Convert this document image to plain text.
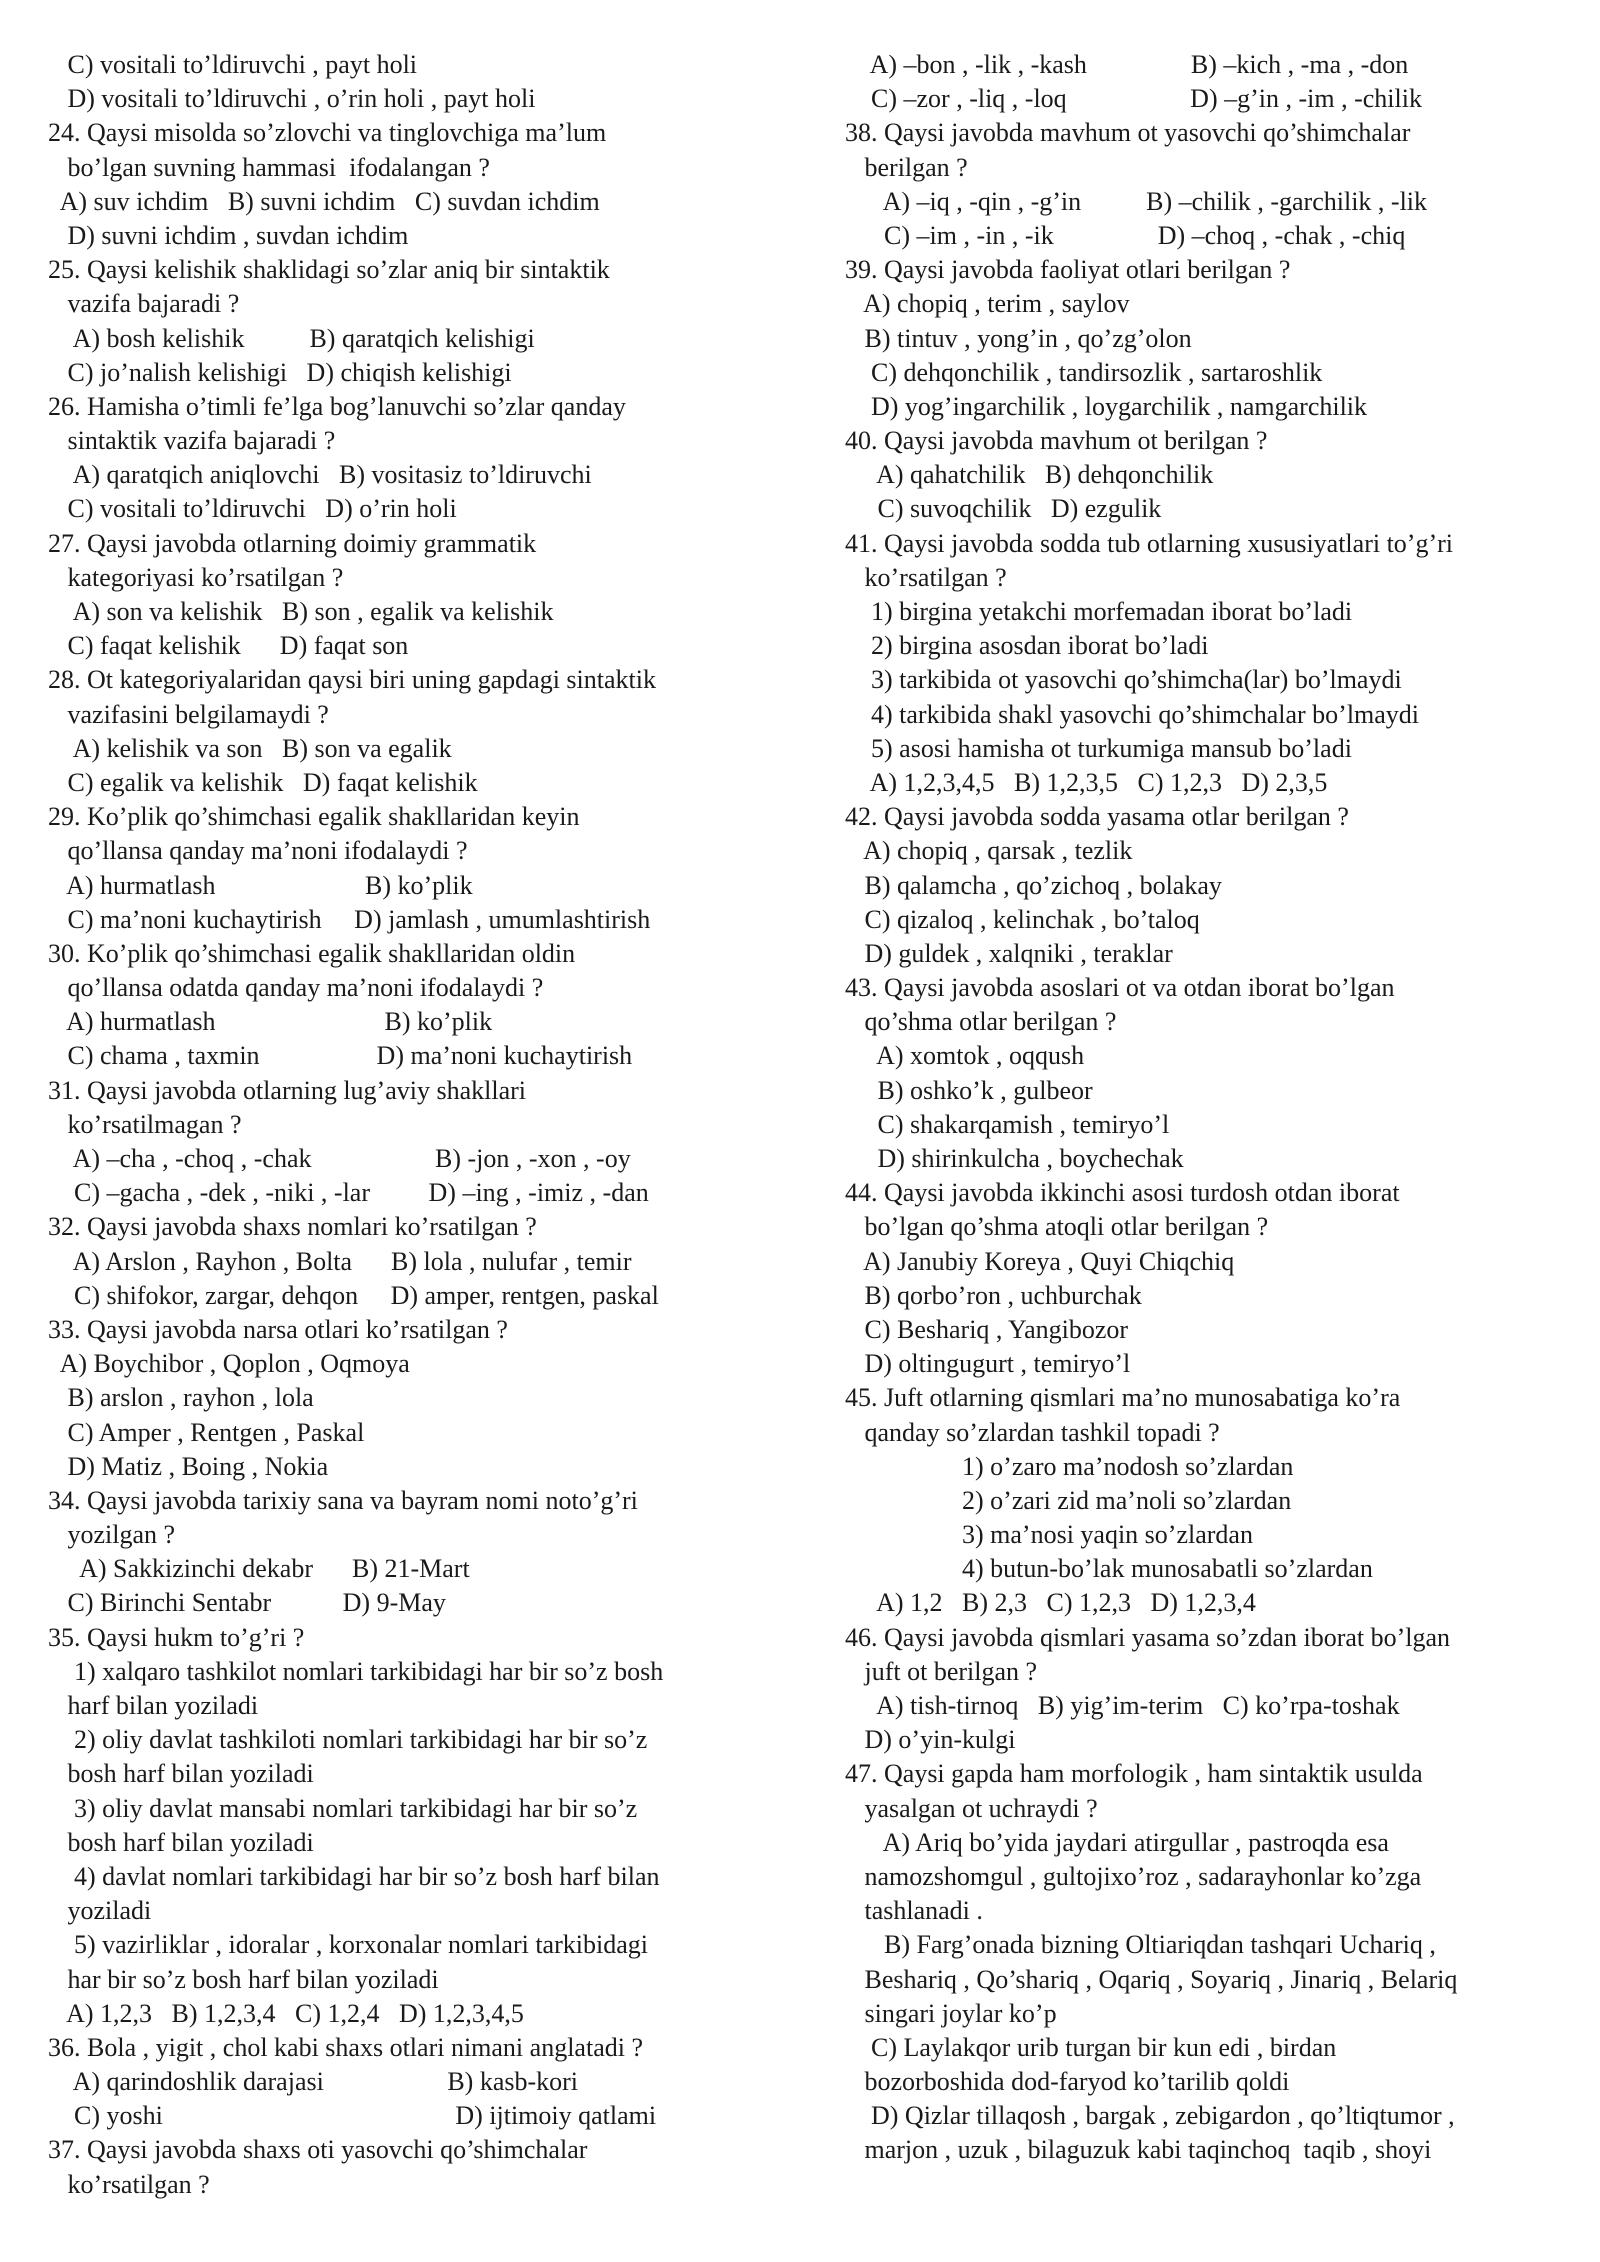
C) vositali to’ldiruvchi , payt holi
D) vositali to’ldiruvchi , o’rin holi , payt holi
24. Qaysi misolda so’zlovchi va tinglovchiga ma’lum
bo’lgan suvning hammasi  ifodalangan ?
A) suv ichdim   B) suvni ichdim   C) suvdan ichdim
D) suvni ichdim , suvdan ichdim
25. Qaysi kelishik shaklidagi so’zlar aniq bir sintaktik
vazifa bajaradi ?
A) bosh kelishik          B) qaratqich kelishigi
C) jo’nalish kelishigi   D) chiqish kelishigi
26. Hamisha o’timli fe’lga bog’lanuvchi so’zlar qanday
sintaktik vazifa bajaradi ?
A) qaratqich aniqlovchi   B) vositasiz to’ldiruvchi
C) vositali to’ldiruvchi   D) o’rin holi
27. Qaysi javobda otlarning doimiy grammatik
kategoriyasi ko’rsatilgan ?
A) son va kelishik   B) son , egalik va kelishik
C) faqat kelishik      D) faqat son
28. Ot kategoriyalaridan qaysi biri uning gapdagi sintaktik
vazifasini belgilamaydi ?
A) kelishik va son   B) son va egalik
C) egalik va kelishik   D) faqat kelishik
29. Ko’plik qo’shimchasi egalik shakllaridan keyin
qo’llansa qanday ma’noni ifodalaydi ?
A) hurmatlash                       B) ko’plik
C) ma’noni kuchaytirish     D) jamlash , umumlashtirish
30. Ko’plik qo’shimchasi egalik shakllaridan oldin
qo’llansa odatda qanday ma’noni ifodalaydi ?
A) hurmatlash                          B) ko’plik
C) chama , taxmin                  D) ma’noni kuchaytirish
31. Qaysi javobda otlarning lug’aviy shakllari
ko’rsatilmagan ?
A) –cha , -choq , -chak                   B) -jon , -xon , -oy
C) –gacha , -dek , -niki , -lar         D) –ing , -imiz , -dan
32. Qaysi javobda shaxs nomlari ko’rsatilgan ?
A) Arslon , Rayhon , Bolta      B) lola , nulufar , temir
C) shifokor, zargar, dehqon     D) amper, rentgen, paskal
33. Qaysi javobda narsa otlari ko’rsatilgan ?
A) Boychibor , Qoplon , Oqmoya
B) arslon , rayhon , lola
C) Amper , Rentgen , Paskal
D) Matiz , Boing , Nokia
34. Qaysi javobda tarixiy sana va bayram nomi noto’g’ri
yozilgan ?
A) Sakkizinchi dekabr      B) 21-Mart
C) Birinchi Sentabr           D) 9-May
35. Qaysi hukm to’g’ri ?
1) xalqaro tashkilot nomlari tarkibidagi har bir so’z bosh
harf bilan yoziladi
2) oliy davlat tashkiloti nomlari tarkibidagi har bir so’z
bosh harf bilan yoziladi
3) oliy davlat mansabi nomlari tarkibidagi har bir so’z
bosh harf bilan yoziladi
4) davlat nomlari tarkibidagi har bir so’z bosh harf bilan
yoziladi
5) vazirliklar , idoralar , korxonalar nomlari tarkibidagi
har bir so’z bosh harf bilan yoziladi
A) 1,2,3   B) 1,2,3,4   C) 1,2,4   D) 1,2,3,4,5
36. Bola , yigit , chol kabi shaxs otlari nimani anglatadi ?
A) qarindoshlik darajasi                   B) kasb-kori
C) yoshi                                             D) ijtimoiy qatlami
37. Qaysi javobda shaxs oti yasovchi qo’shimchalar
ko’rsatilgan ?
A) –bon , -lik , -kash                B) –kich , -ma , -don
C) –zor , -liq , -loq                   D) –g’in , -im , -chilik
38. Qaysi javobda mavhum ot yasovchi qo’shimchalar
berilgan ?
A) –iq , -qin , -g’in          B) –chilik , -garchilik , -lik
C) –im , -in , -ik                D) –choq , -chak , -chiq
39. Qaysi javobda faoliyat otlari berilgan ?
A) chopiq , terim , saylov
B) tintuv , yong’in , qo’zg’olon
C) dehqonchilik , tandirsozlik , sartaroshlik
D) yog’ingarchilik , loygarchilik , namgarchilik
40. Qaysi javobda mavhum ot berilgan ?
A) qahatchilik   B) dehqonchilik
C) suvoqchilik   D) ezgulik
41. Qaysi javobda sodda tub otlarning xususiyatlari to’g’ri
ko’rsatilgan ?
1) birgina yetakchi morfemadan iborat bo’ladi
2) birgina asosdan iborat bo’ladi
3) tarkibida ot yasovchi qo’shimcha(lar) bo’lmaydi
4) tarkibida shakl yasovchi qo’shimchalar bo’lmaydi
5) asosi hamisha ot turkumiga mansub bo’ladi
A) 1,2,3,4,5   B) 1,2,3,5   C) 1,2,3   D) 2,3,5
42. Qaysi javobda sodda yasama otlar berilgan ?
A) chopiq , qarsak , tezlik
B) qalamcha , qo’zichoq , bolakay
C) qizaloq , kelinchak , bo’taloq
D) guldek , xalqniki , teraklar
43. Qaysi javobda asoslari ot va otdan iborat bo’lgan
qo’shma otlar berilgan ?
A) xomtok , oqqush
B) oshko’k , gulbeor
C) shakarqamish , temiryo’l
D) shirinkulcha , boychechak
44. Qaysi javobda ikkinchi asosi turdosh otdan iborat
bo’lgan qo’shma atoqli otlar berilgan ?
A) Janubiy Koreya , Quyi Chiqchiq
B) qorbo’ron , uchburchak
C) Beshariq , Yangibozor
D) oltingugurt , temiryo’l
45. Juft otlarning qismlari ma’no munosabatiga ko’ra
qanday so’zlardan tashkil topadi ?
1) o’zaro ma’nodosh so’zlardan
2) o’zari zid ma’noli so’zlardan
3) ma’nosi yaqin so’zlardan
4) butun-bo’lak munosabatli so’zlardan
A) 1,2   B) 2,3   C) 1,2,3   D) 1,2,3,4
46. Qaysi javobda qismlari yasama so’zdan iborat bo’lgan
juft ot berilgan ?
A) tish-tirnoq   B) yig’im-terim   C) ko’rpa-toshak
D) o’yin-kulgi
47. Qaysi gapda ham morfologik , ham sintaktik usulda
yasalgan ot uchraydi ?
A) Ariq bo’yida jaydari atirgullar , pastroqda esa
namozshomgul , gultojixo’roz , sadarayhonlar ko’zga
tashlanadi .
B) Farg’onada bizning Oltiariqdan tashqari Uchariq ,
Beshariq , Qo’shariq , Oqariq , Soyariq , Jinariq , Belariq
singari joylar ko’p
C) Laylakqor urib turgan bir kun edi , birdan
bozorboshida dod-faryod ko’tarilib qoldi
D) Qizlar tillaqosh , bargak , zebigardon , qo’ltiqtumor ,
marjon , uzuk , bilaguzuk kabi taqinchoq  taqib , shoyi
